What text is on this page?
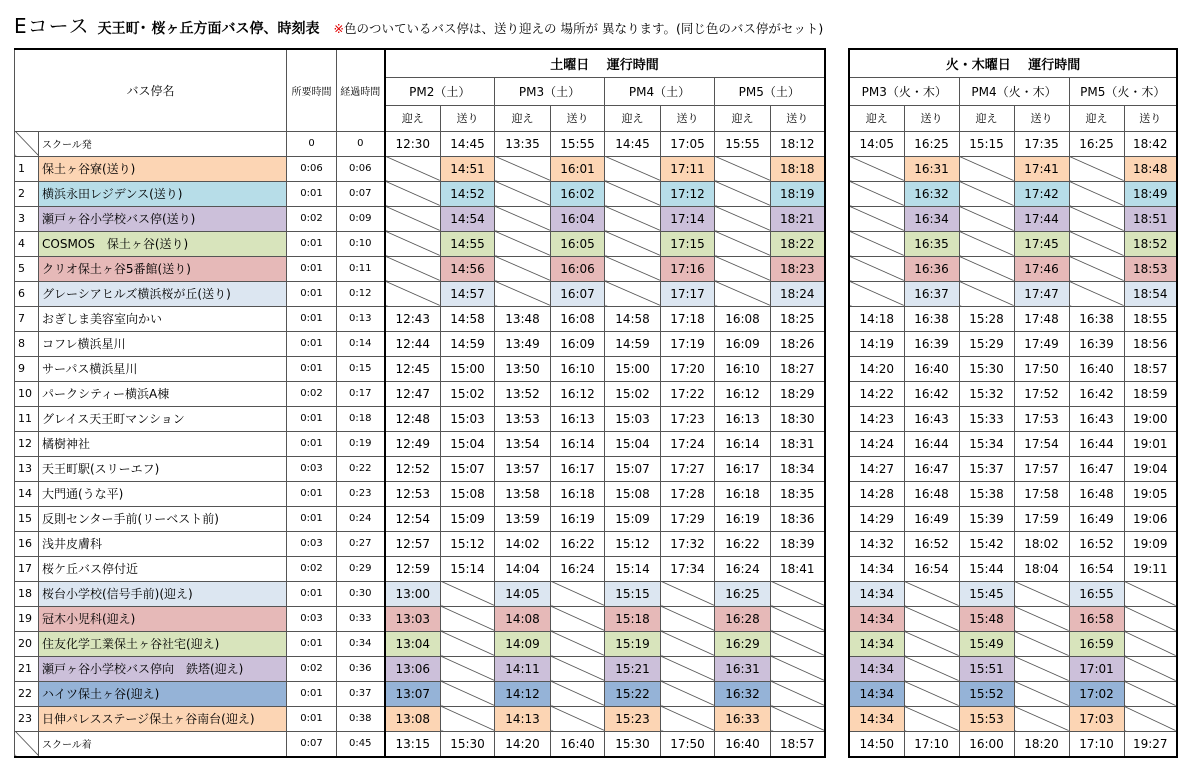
Eコース 天王町･ 桜ヶ丘方面バス停、時刻表 ※色のついているバス停は、送り迎えの 場所が 異なります。(同じ色のバス停がセット)
バス停名		所要時間	経過時間	土曜日　 運行時間							
				PM2（土）		PM3（土）		PM4（土）		PM5（土）	
				迎え	送り	迎え	送り	迎え	送り	迎え	送り
	スクール発	0	0	12:30	14:45	13:35	15:55	14:45	17:05	15:55	18:12
1	保土ヶ谷寮(送り)	0:06	0:06		14:51		16:01		17:11		18:18
2	横浜永田レジデンス(送り)	0:01	0:07		14:52		16:02		17:12		18:19
3	瀬戸ヶ谷小学校バス停(送り)	0:02	0:09		14:54		16:04		17:14		18:21
4	COSMOS　保土ヶ谷(送り)	0:01	0:10		14:55		16:05		17:15		18:22
5	クリオ保土ヶ谷5番館(送り)	0:01	0:11		14:56		16:06		17:16		18:23
6	グレーシアヒルズ横浜桜が丘(送り)	0:01	0:12		14:57		16:07		17:17		18:24
7	おぎしま美容室向かい	0:01	0:13	12:43	14:58	13:48	16:08	14:58	17:18	16:08	18:25
8	コフレ横浜星川	0:01	0:14	12:44	14:59	13:49	16:09	14:59	17:19	16:09	18:26
9	サーパス横浜星川	0:01	0:15	12:45	15:00	13:50	16:10	15:00	17:20	16:10	18:27
10	パークシティー横浜A棟	0:02	0:17	12:47	15:02	13:52	16:12	15:02	17:22	16:12	18:29
11	グレイス天王町マンション	0:01	0:18	12:48	15:03	13:53	16:13	15:03	17:23	16:13	18:30
12	橘樹神社	0:01	0:19	12:49	15:04	13:54	16:14	15:04	17:24	16:14	18:31
13	天王町駅(スリーエフ)	0:03	0:22	12:52	15:07	13:57	16:17	15:07	17:27	16:17	18:34
14	大門通(うな平)	0:01	0:23	12:53	15:08	13:58	16:18	15:08	17:28	16:18	18:35
15	反則センター手前(リーベスト前)	0:01	0:24	12:54	15:09	13:59	16:19	15:09	17:29	16:19	18:36
16	浅井皮膚科	0:03	0:27	12:57	15:12	14:02	16:22	15:12	17:32	16:22	18:39
17	桜ケ丘バス停付近	0:02	0:29	12:59	15:14	14:04	16:24	15:14	17:34	16:24	18:41
18	桜台小学校(信号手前)(迎え)	0:01	0:30	13:00		14:05		15:15		16:25	
19	冠木小児科(迎え)	0:03	0:33	13:03		14:08		15:18		16:28	
20	住友化学工業保土ヶ谷社宅(迎え)	0:01	0:34	13:04		14:09		15:19		16:29	
21	瀬戸ヶ谷小学校バス停向　鉄塔(迎え)	0:02	0:36	13:06		14:11		15:21		16:31	
22	ハイツ保土ヶ谷(迎え)	0:01	0:37	13:07		14:12		15:22		16:32	
23	日伸パレスステージ保土ヶ谷南台(迎え)	0:01	0:38	13:08		14:13		15:23		16:33	
	スクール着	0:07	0:45	13:15	15:30	14:20	16:40	15:30	17:50	16:40	18:57
火・木曜日　 運行時間					
PM3（火・木）		PM4（火・木）		PM5（火・木）	
迎え	送り	迎え	送り	迎え	送り
14:05	16:25	15:15	17:35	16:25	18:42
	16:31		17:41		18:48
	16:32		17:42		18:49
	16:34		17:44		18:51
	16:35		17:45		18:52
	16:36		17:46		18:53
	16:37		17:47		18:54
14:18	16:38	15:28	17:48	16:38	18:55
14:19	16:39	15:29	17:49	16:39	18:56
14:20	16:40	15:30	17:50	16:40	18:57
14:22	16:42	15:32	17:52	16:42	18:59
14:23	16:43	15:33	17:53	16:43	19:00
14:24	16:44	15:34	17:54	16:44	19:01
14:27	16:47	15:37	17:57	16:47	19:04
14:28	16:48	15:38	17:58	16:48	19:05
14:29	16:49	15:39	17:59	16:49	19:06
14:32	16:52	15:42	18:02	16:52	19:09
14:34	16:54	15:44	18:04	16:54	19:11
14:34		15:45		16:55	
14:34		15:48		16:58	
14:34		15:49		16:59	
14:34		15:51		17:01	
14:34		15:52		17:02	
14:34		15:53		17:03	
14:50	17:10	16:00	18:20	17:10	19:27
